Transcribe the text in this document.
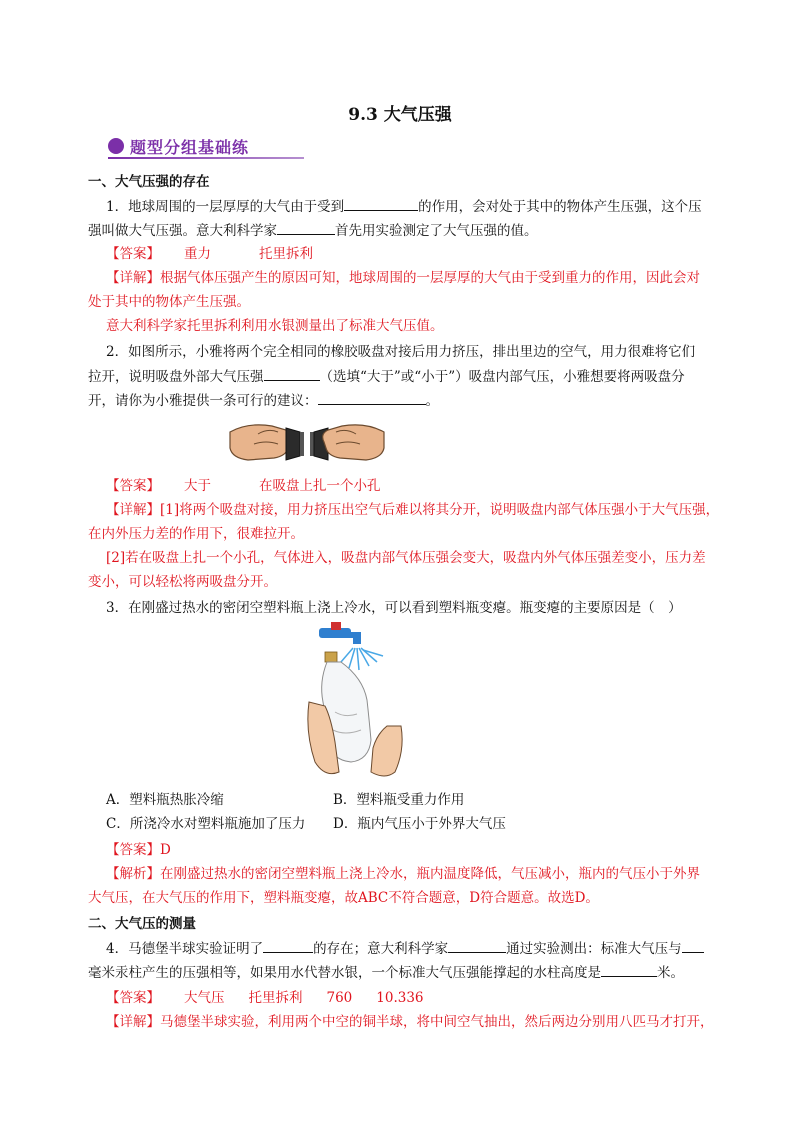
9.3 大气压强
题型分组基础练
一、大气压强的存在
1．地球周围的一层厚厚的大气由于受到	的作用，会对处于其中的物体产生压强，这个压
强叫做大气压强。意大利科学家	首先用实验测定了大气压强的值。
【答案】 重力	托里拆利
【详解】根据气体压强产生的原因可知，地球周围的一层厚厚的大气由于受到重力的作用，因此会对
处于其中的物体产生压强。
意大利科学家托里拆利利用水银测量出了标准大气压值。
2．如图所示，小雅将两个完全相同的橡胶吸盘对接后用力挤压，排出里边的空气，用力很难将它们
拉开，说明吸盘外部大气压强	（选填“大于”或“小于”）吸盘内部气压，小雅想要将两吸盘分
开，请你为小雅提供一条可行的建议：	。
【答案】 大于	在吸盘上扎一个小孔
【详解】[1]将两个吸盘对接，用力挤压出空气后难以将其分开，说明吸盘内部气体压强小于大气压强，
在内外压力差的作用下，很难拉开。
[2]若在吸盘上扎一个小孔，气体进入，吸盘内部气体压强会变大，吸盘内外气体压强差变小，压力差
变小，可以轻松将两吸盘分开。
3．在刚盛过热水的密闭空塑料瓶上浇上冷水，可以看到塑料瓶变瘪。瓶变瘪的主要原因是（　）
A．塑料瓶热胀冷缩	B．塑料瓶受重力作用
C．所浇冷水对塑料瓶施加了压力 D．瓶内气压小于外界大气压
【答案】D
【解析】在刚盛过热水的密闭空塑料瓶上浇上冷水，瓶内温度降低，气压减小，瓶内的气压小于外界
大气压，在大气压的作用下，塑料瓶变瘪，故ABC不符合题意，D符合题意。故选D。
二、大气压的测量
4．马德堡半球实验证明了	的存在；意大利科学家	通过实验测出：标准大气压与
毫米汞柱产生的压强相等，如果用水代替水银，一个标准大气压强能撑起的水柱高度是	米。
【答案】 大气压 托里拆利 760 10.336
【详解】马德堡半球实验，利用两个中空的铜半球，将中间空气抽出，然后两边分别用八匹马才打开，
